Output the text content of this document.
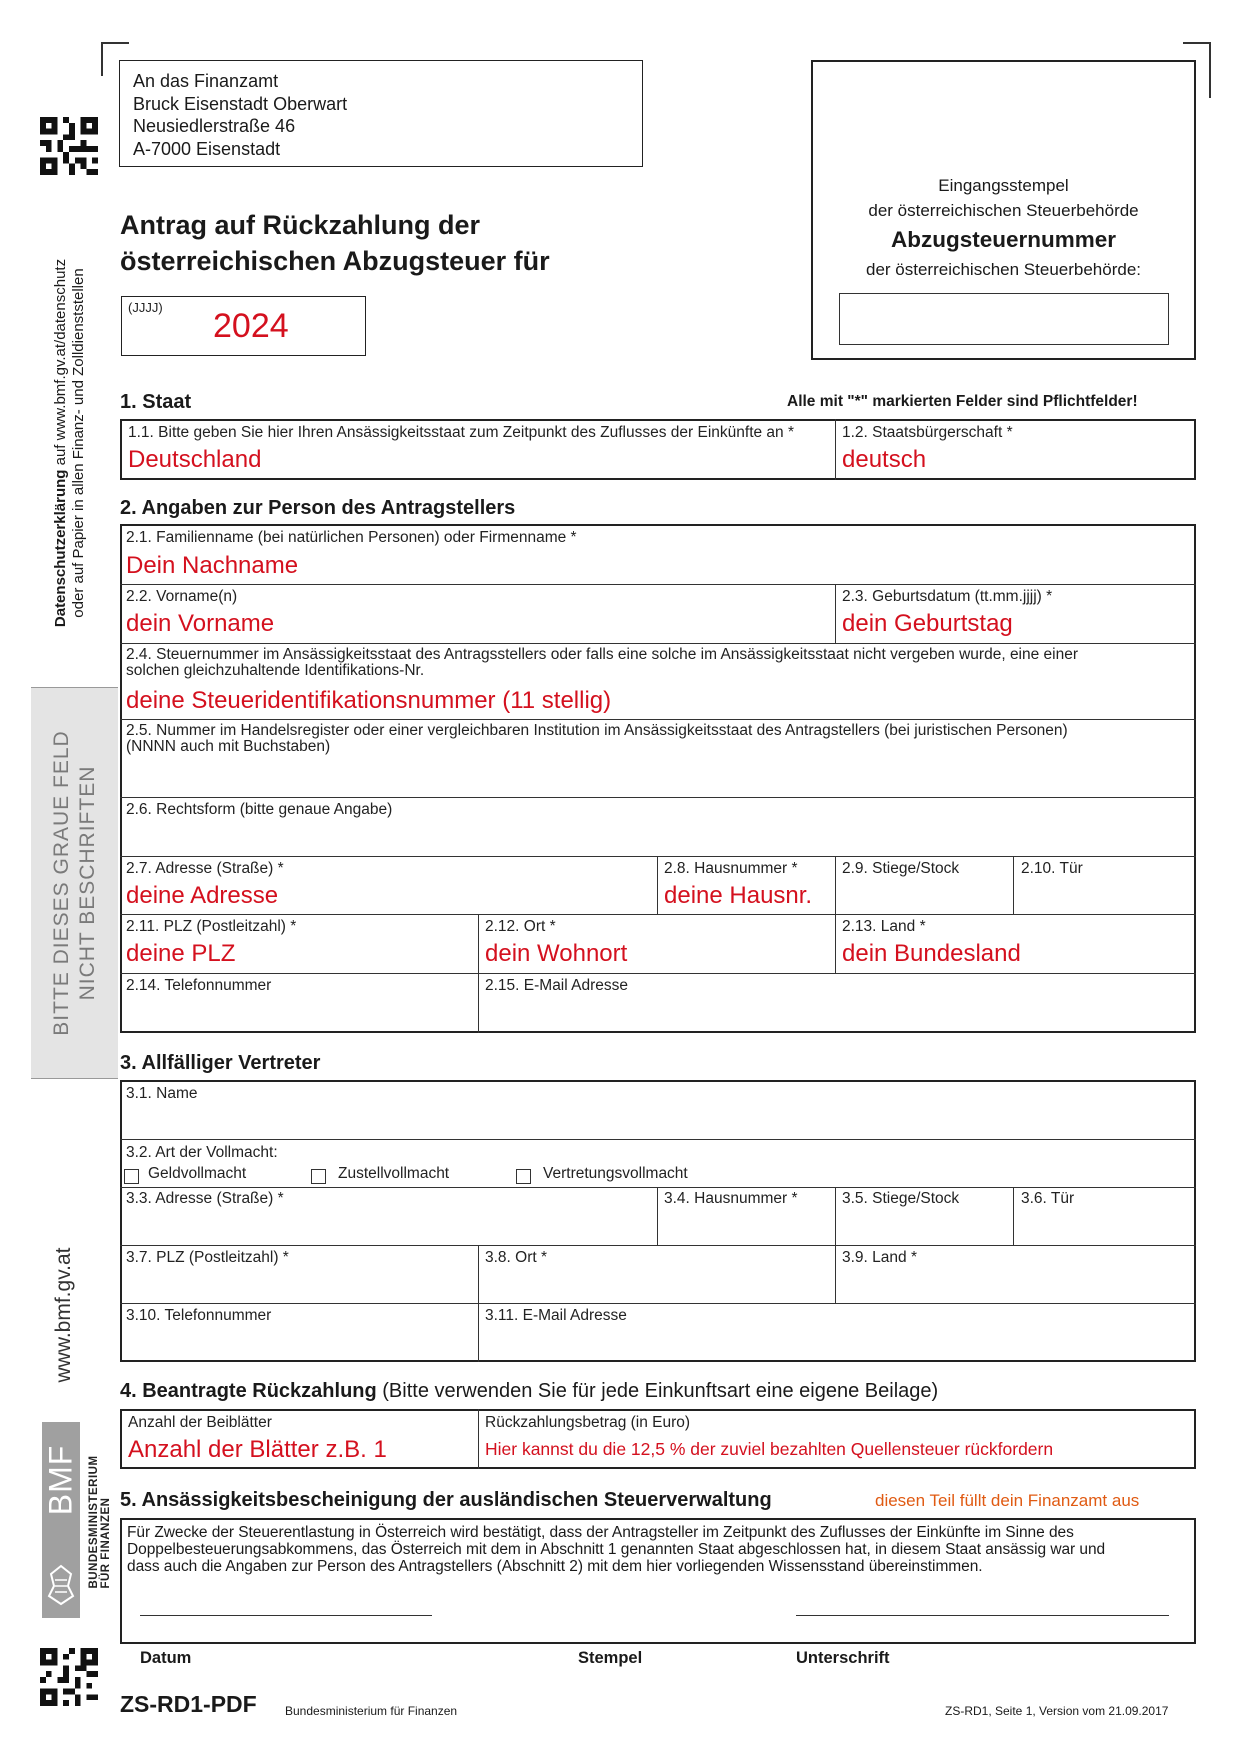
Datenschutzerklärung auf www.bmf.gv.at/datenschutz oder auf Papier in allen Finanz- und Zolldienststellen
BITTE DIESES GRAUE FELD NICHT BESCHRIFTEN
www.bmf.gv.at
BMF BUNDESMINISTERIUM FÜR FINANZEN
An das Finanzamt
Bruck Eisenstadt Oberwart
Neusiedlerstraße 46
A-7000 Eisenstadt
Eingangsstempel
der österreichischen Steuerbehörde
Abzugsteuernummer
der österreichischen Steuerbehörde:
Antrag auf Rückzahlung der
österreichischen Abzugsteuer für
(JJJJ) 2024
1. Staat	Alle mit "*" markierten Felder sind Pflichtfelder!
1.1. Bitte geben Sie hier Ihren Ansässigkeitsstaat zum Zeitpunkt des Zuflusses der Einkünfte an *
Deutschland
1.2. Staatsbürgerschaft *
deutsch
2. Angaben zur Person des Antragstellers
2.1. Familienname (bei natürlichen Personen) oder Firmenname *
Dein Nachname
2.2. Vorname(n)
dein Vorname
2.3. Geburtsdatum (tt.mm.jjjj) *
dein Geburtstag
2.4. Steuernummer im Ansässigkeitsstaat des Antragsstellers oder falls eine solche im Ansässigkeitsstaat nicht vergeben wurde, eine einer
solchen gleichzuhaltende Identifikations-Nr.
deine Steueridentifikationsnummer (11 stellig)
2.5. Nummer im Handelsregister oder einer vergleichbaren Institution im Ansässigkeitsstaat des Antragstellers (bei juristischen Personen)
(NNNN auch mit Buchstaben)
2.6. Rechtsform (bitte genaue Angabe)
2.7. Adresse (Straße) *
deine Adresse
2.8. Hausnummer *
deine Hausnr.
2.9. Stiege/Stock	2.10. Tür
2.11. PLZ (Postleitzahl) *
deine PLZ
2.12. Ort *
dein Wohnort
2.13. Land *
dein Bundesland
2.14. Telefonnummer	2.15. E-Mail Adresse
3. Allfälliger Vertreter
3.1. Name
3.2. Art der Vollmacht:
Geldvollmacht	Zustellvollmacht	Vertretungsvollmacht
3.3. Adresse (Straße) *	3.4. Hausnummer *	3.5. Stiege/Stock	3.6. Tür
3.7. PLZ (Postleitzahl) *	3.8. Ort *	3.9. Land *
3.10. Telefonnummer	3.11. E-Mail Adresse
4. Beantragte Rückzahlung (Bitte verwenden Sie für jede Einkunftsart eine eigene Beilage)
Anzahl der Beiblätter
Anzahl der Blätter z.B. 1
Rückzahlungsbetrag (in Euro)
Hier kannst du die 12,5 % der zuviel bezahlten Quellensteuer rückfordern
5. Ansässigkeitsbescheinigung der ausländischen Steuerverwaltung	diesen Teil füllt dein Finanzamt aus
Für Zwecke der Steuerentlastung in Österreich wird bestätigt, dass der Antragsteller im Zeitpunkt des Zuflusses der Einkünfte im Sinne des
Doppelbesteuerungsabkommens, das Österreich mit dem in Abschnitt 1 genannten Staat abgeschlossen hat, in diesem Staat ansässig war und
dass auch die Angaben zur Person des Antragstellers (Abschnitt 2) mit dem hier vorliegenden Wissensstand übereinstimmen.
Datum	Stempel	Unterschrift
ZS-RD1-PDF Bundesministerium für Finanzen	ZS-RD1, Seite 1, Version vom 21.09.2017
